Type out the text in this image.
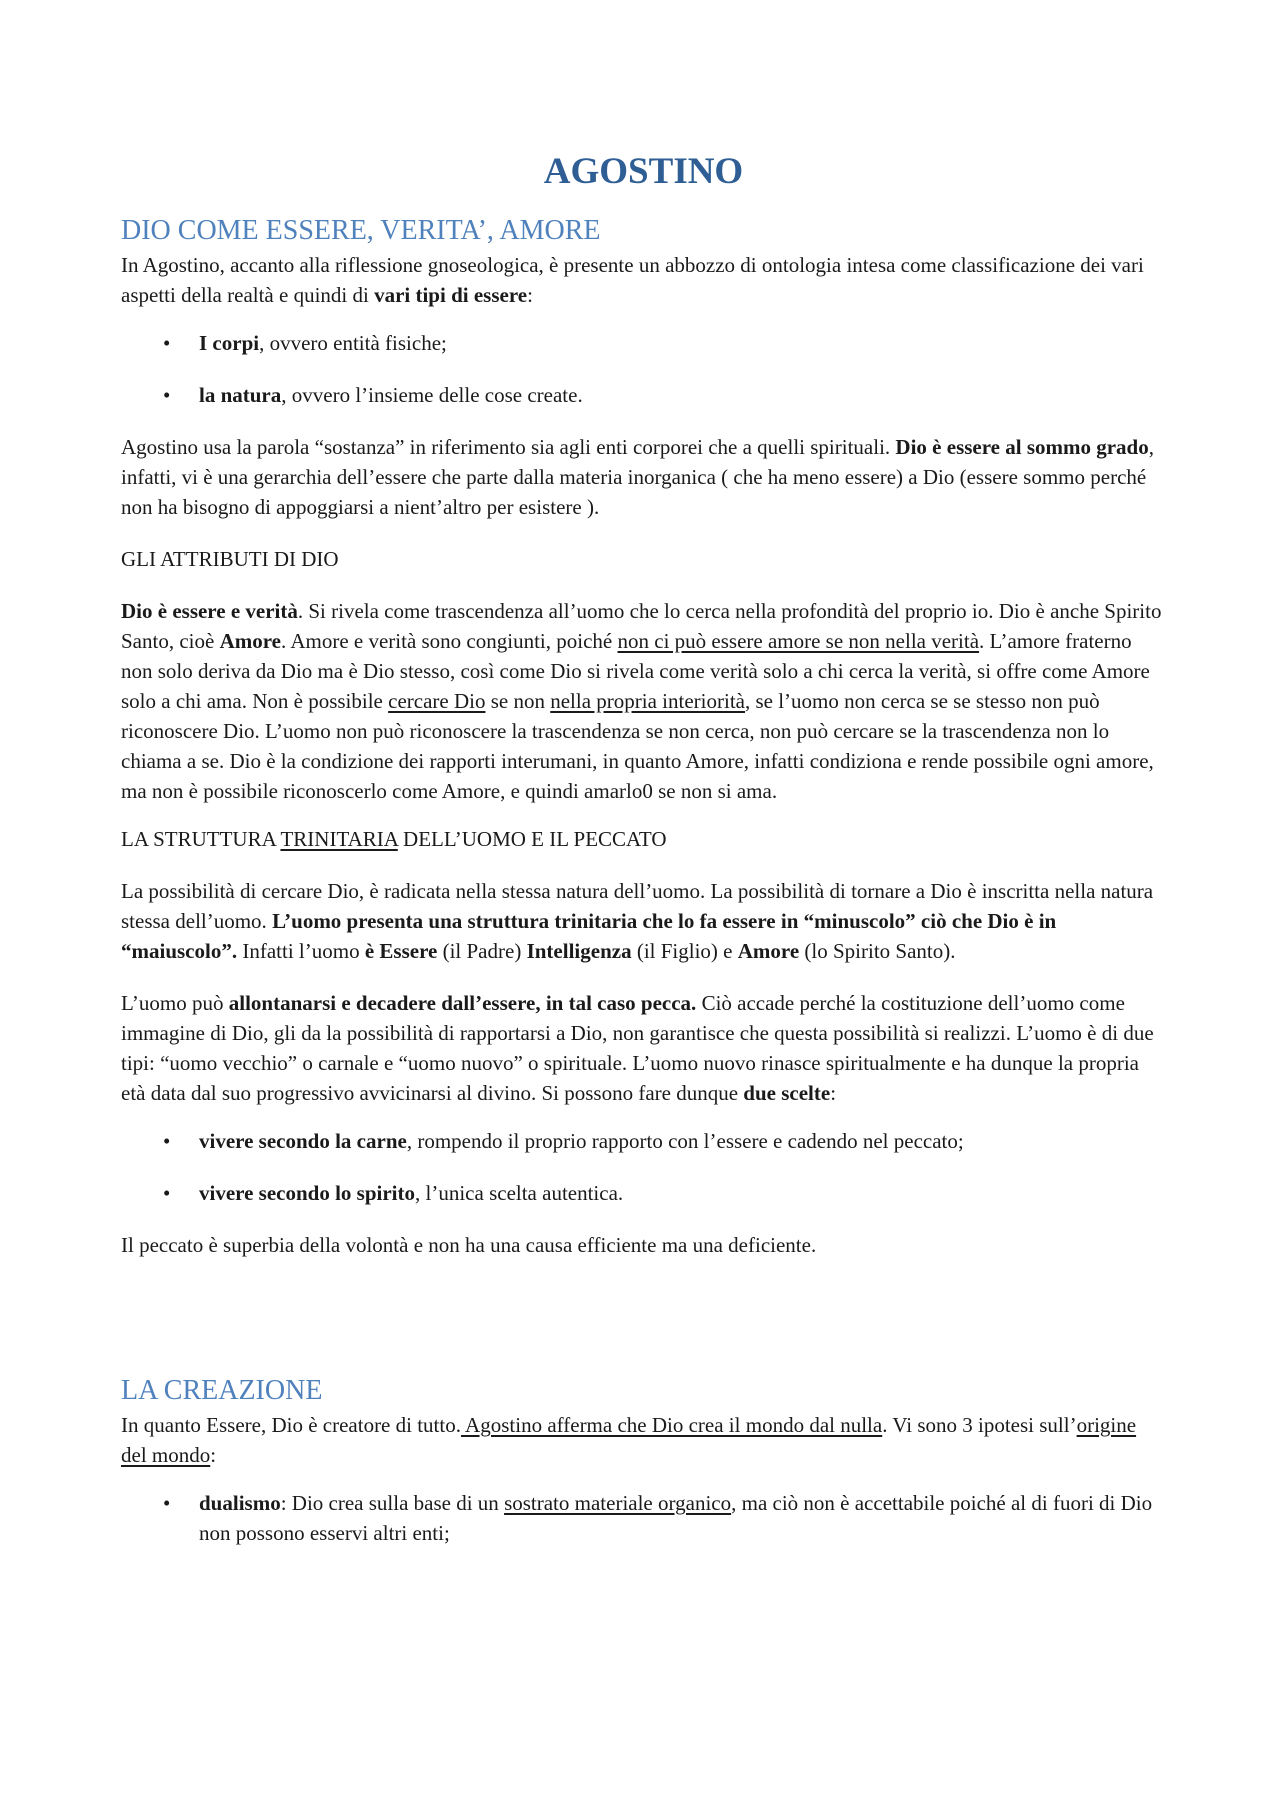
AGOSTINO
DIO COME ESSERE, VERITA’, AMORE

In Agostino, accanto alla riflessione gnoseologica, è presente un abbozzo di ontologia intesa come classificazione dei vari aspetti della realtà e quindi di vari tipi di essere:

• I corpi, ovvero entità fisiche;
• la natura, ovvero l’insieme delle cose create.

Agostino usa la parola “sostanza” in riferimento sia agli enti corporei che a quelli spirituali. Dio è essere al sommo grado, infatti, vi è una gerarchia dell’essere che parte dalla materia inorganica ( che ha meno essere) a Dio (essere sommo perché non ha bisogno di appoggiarsi a nient’altro per esistere ).

GLI ATTRIBUTI DI DIO

Dio è essere e verità. Si rivela come trascendenza all’uomo che lo cerca nella profondità del proprio io. Dio è anche Spirito Santo, cioè Amore. Amore e verità sono congiunti, poiché non ci può essere amore se non nella verità. L’amore fraterno non solo deriva da Dio ma è Dio stesso, così come Dio si rivela come verità solo a chi cerca la verità, si offre come Amore solo a chi ama. Non è possibile cercare Dio se non nella propria interiorità, se l’uomo non cerca se se stesso non può riconoscere Dio. L’uomo non può riconoscere la trascendenza se non cerca, non può cercare se la trascendenza non lo chiama a se. Dio è la condizione dei rapporti interumani, in quanto Amore, infatti condiziona e rende possibile ogni amore, ma non è possibile riconoscerlo come Amore, e quindi amarlo0 se non si ama.

LA STRUTTURA TRINITARIA DELL’UOMO E IL PECCATO

La possibilità di cercare Dio, è radicata nella stessa natura dell’uomo. La possibilità di tornare a Dio è inscritta nella natura stessa dell’uomo. L’uomo presenta una struttura trinitaria che lo fa essere in “minuscolo” ciò che Dio è in “maiuscolo”. Infatti l’uomo è Essere (il Padre) Intelligenza (il Figlio) e Amore (lo Spirito Santo).

L’uomo può allontanarsi e decadere dall’essere, in tal caso pecca. Ciò accade perché la costituzione dell’uomo come immagine di Dio, gli da la possibilità di rapportarsi a Dio, non garantisce che questa possibilità si realizzi. L’uomo è di due tipi: “uomo vecchio” o carnale e “uomo nuovo” o spirituale. L’uomo nuovo rinasce spiritualmente e ha dunque la propria età data dal suo progressivo avvicinarsi al divino. Si possono fare dunque due scelte:

• vivere secondo la carne, rompendo il proprio rapporto con l’essere e cadendo nel peccato;
• vivere secondo lo spirito, l’unica scelta autentica.

Il peccato è superbia della volontà e non ha una causa efficiente ma una deficiente.

LA CREAZIONE

In quanto Essere, Dio è creatore di tutto. Agostino afferma che Dio crea il mondo dal nulla. Vi sono 3 ipotesi sull’origine del mondo:

• dualismo: Dio crea sulla base di un sostrato materiale organico, ma ciò non è accettabile poiché al di fuori di Dio non possono esservi altri enti;
